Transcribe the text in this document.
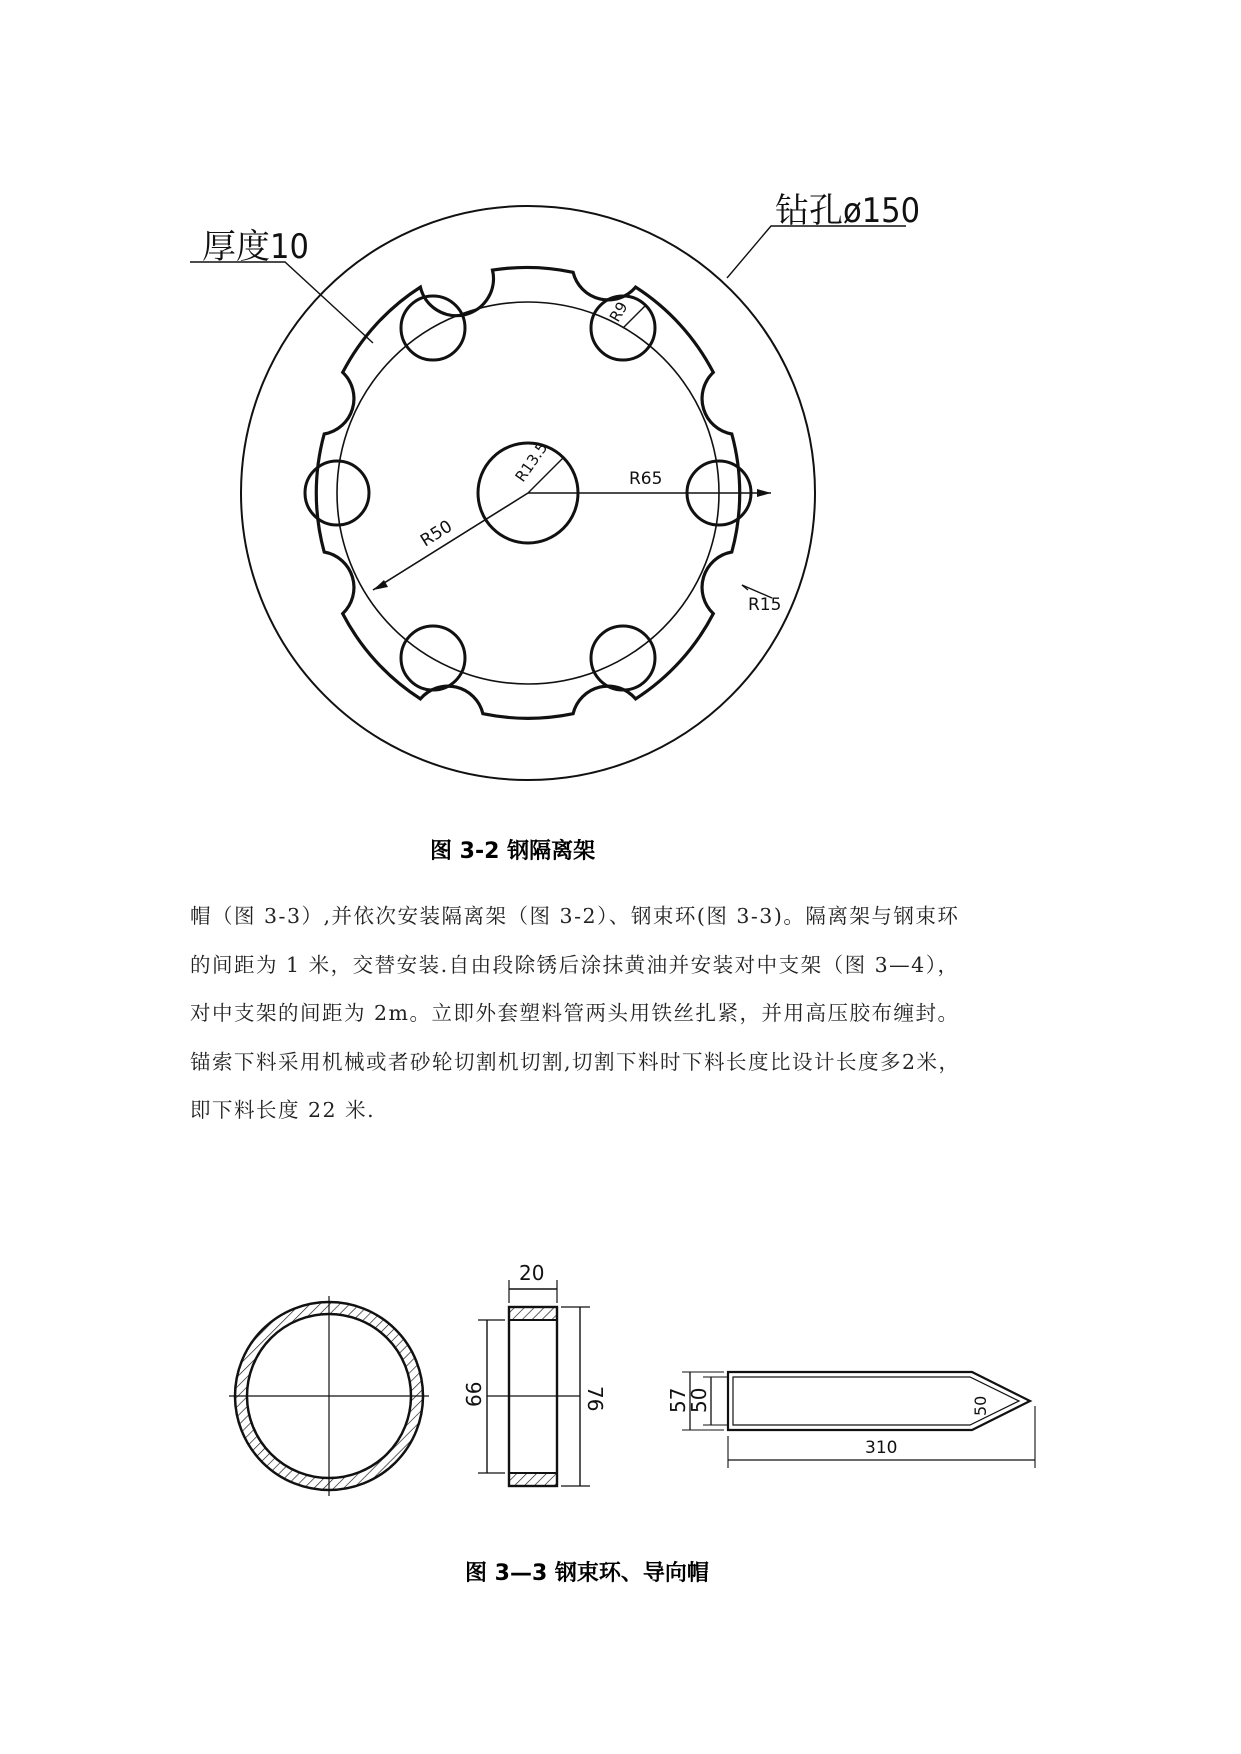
厚度10
钻孔ø150
R65
R50
R13.5
R9
R15
图 3-2 钢隔离架

帽（图 3-3）,并依次安装隔离架（图 3-2）、钢束环(图 3-3)。隔离架与钢束环

的间距为 1 米，交替安装.自由段除锈后涂抹黄油并安装对中支架（图 3—4），

对中支架的间距为 2m。立即外套塑料管两头用铁丝扎紧，并用高压胶布缠封。

锚索下料采用机械或者砂轮切割机切割,切割下料时下料长度比设计长度多2米，

即下料长度 22 米.

20
66	76	57
50	50
310
图 3—3 钢束环、导向帽
